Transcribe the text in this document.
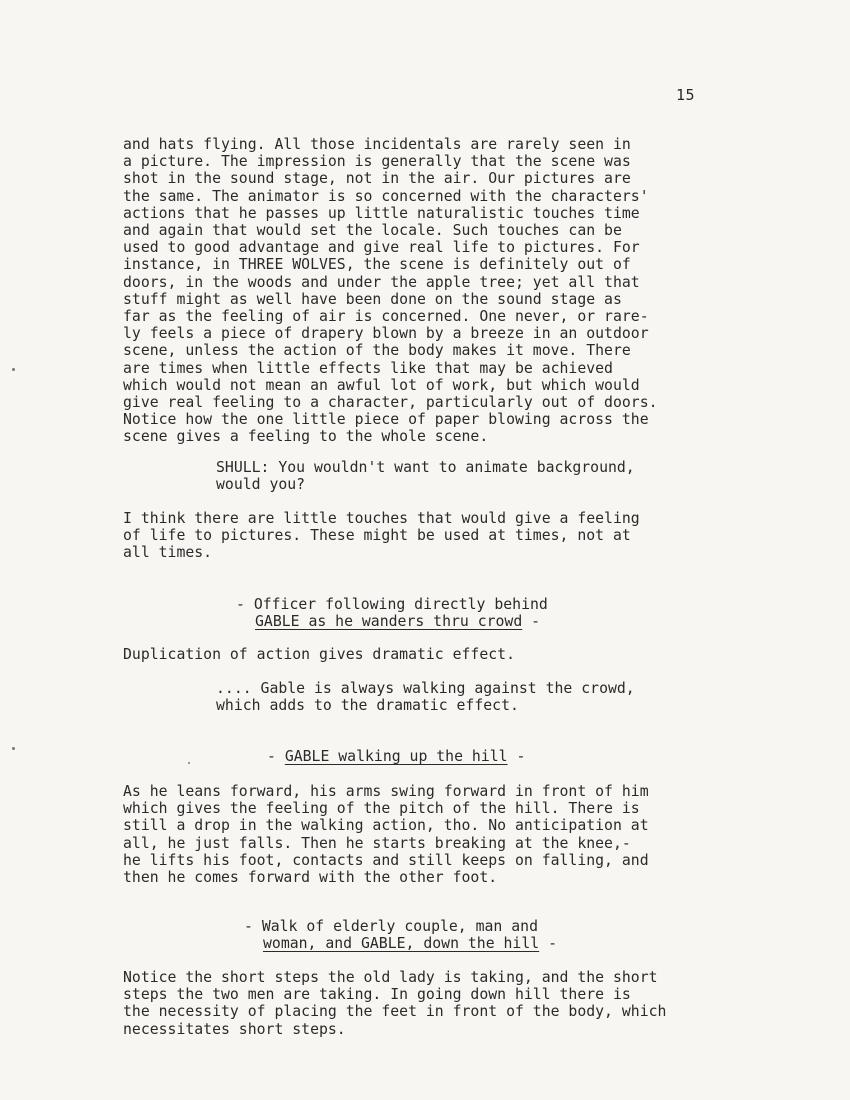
15
and hats flying. All those incidentals are rarely seen in
a picture. The impression is generally that the scene was
shot in the sound stage, not in the air. Our pictures are
the same. The animator is so concerned with the characters'
actions that he passes up little naturalistic touches time
and again that would set the locale. Such touches can be
used to good advantage and give real life to pictures. For
instance, in THREE WOLVES, the scene is definitely out of
doors, in the woods and under the apple tree; yet all that
stuff might as well have been done on the sound stage as
far as the feeling of air is concerned. One never, or rare-
ly feels a piece of drapery blown by a breeze in an outdoor
scene, unless the action of the body makes it move. There
are times when little effects like that may be achieved
which would not mean an awful lot of work, but which would
give real feeling to a character, particularly out of doors.
Notice how the one little piece of paper blowing across the
scene gives a feeling to the whole scene.
SHULL: You wouldn't want to animate background,
would you?
I think there are little touches that would give a feeling
of life to pictures. These might be used at times, not at
all times.
- Officer following directly behind
GABLE as he wanders thru crowd -
Duplication of action gives dramatic effect.
.... Gable is always walking against the crowd,
which adds to the dramatic effect.
- GABLE walking up the hill -
As he leans forward, his arms swing forward in front of him
which gives the feeling of the pitch of the hill. There is
still a drop in the walking action, tho. No anticipation at
all, he just falls. Then he starts breaking at the knee,-
he lifts his foot, contacts and still keeps on falling, and
then he comes forward with the other foot.
- Walk of elderly couple, man and
woman, and GABLE, down the hill -
Notice the short steps the old lady is taking, and the short
steps the two men are taking. In going down hill there is
the necessity of placing the feet in front of the body, which
necessitates short steps.
